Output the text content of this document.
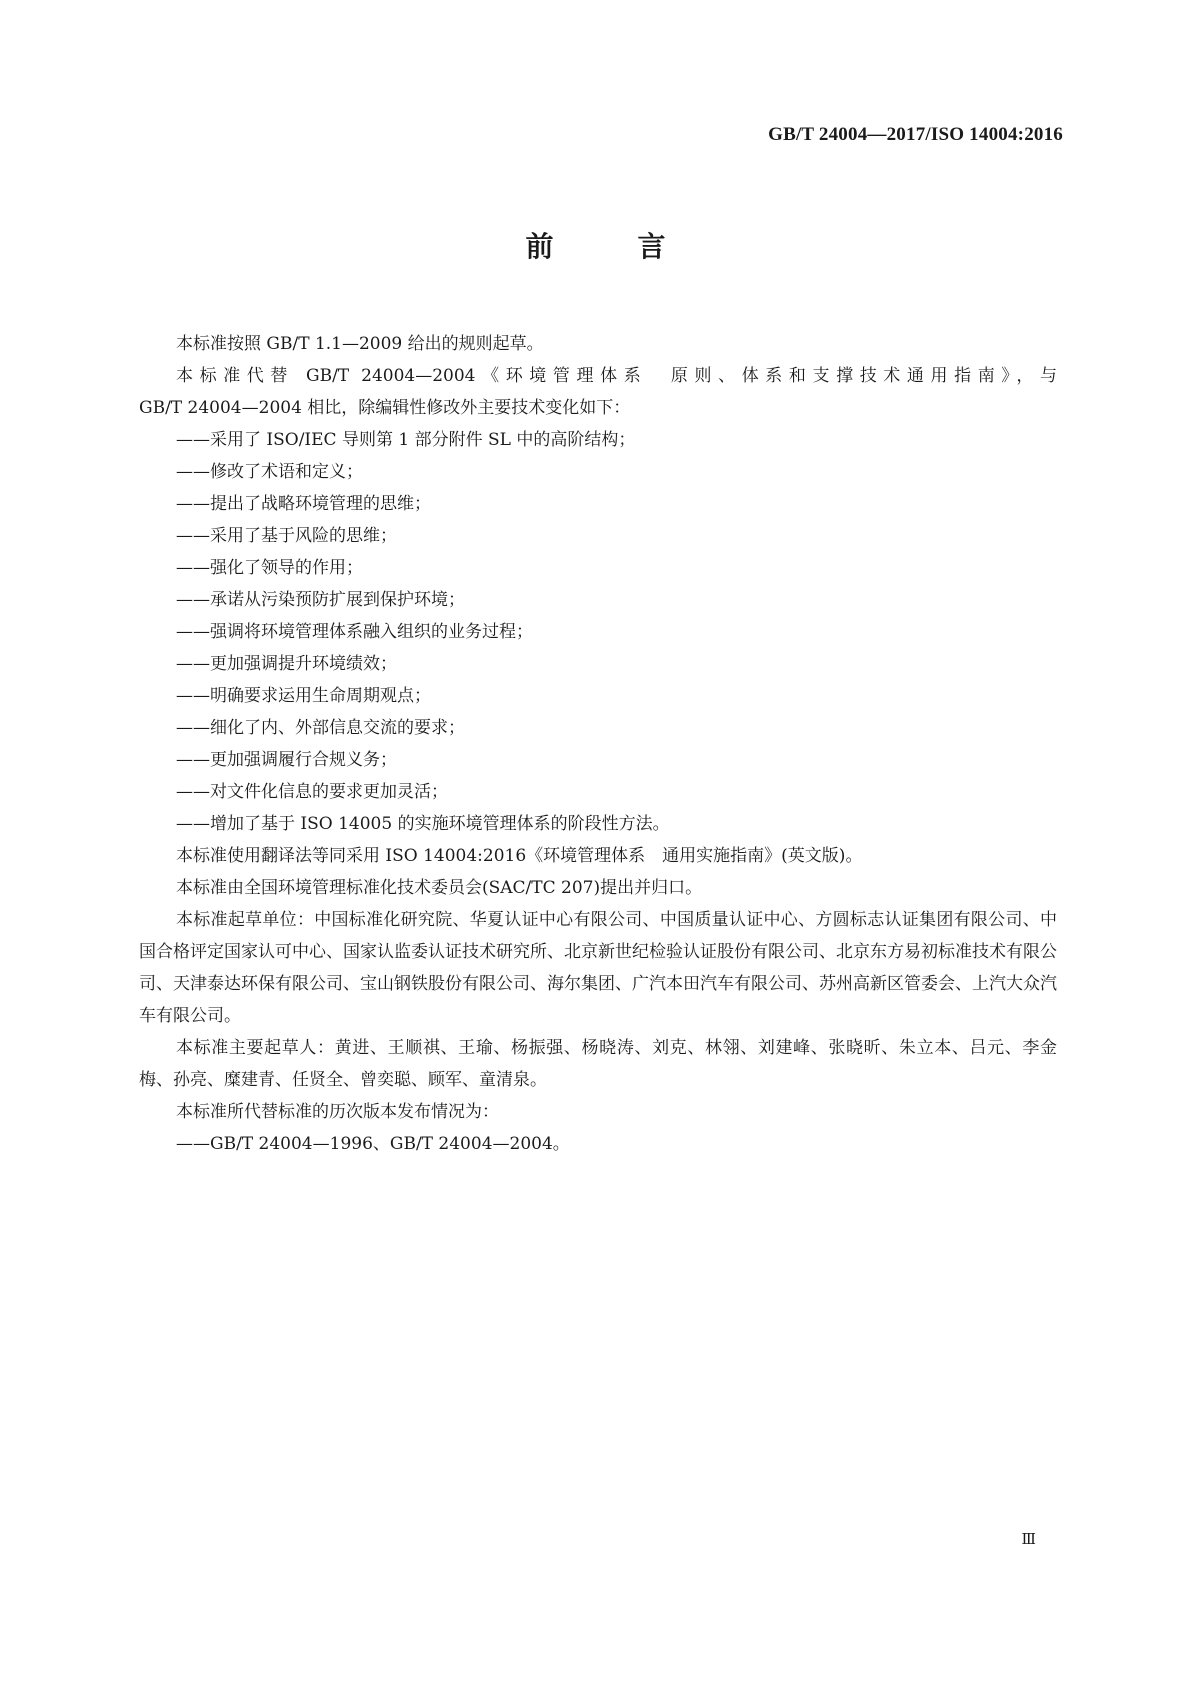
GB/T 24004—2017/ISO 14004:2016
前　言

本标准按照 GB/T 1.1—2009 给出的规则起草。

本标准代替 GB/T 24004—2004《环境管理体系　原则、体系和支撑技术通用指南》，与

GB/T 24004—2004 相比，除编辑性修改外主要技术变化如下：

——采用了 ISO/IEC 导则第 1 部分附件 SL 中的高阶结构；

——修改了术语和定义；

——提出了战略环境管理的思维；

——采用了基于风险的思维；

——强化了领导的作用；

——承诺从污染预防扩展到保护环境；

——强调将环境管理体系融入组织的业务过程；

——更加强调提升环境绩效；

——明确要求运用生命周期观点；

——细化了内、外部信息交流的要求；

——更加强调履行合规义务；

——对文件化信息的要求更加灵活；

——增加了基于 ISO 14005 的实施环境管理体系的阶段性方法。

本标准使用翻译法等同采用 ISO 14004:2016《环境管理体系　通用实施指南》(英文版)。

本标准由全国环境管理标准化技术委员会(SAC/TC 207)提出并归口。

本标准起草单位：中国标准化研究院、华夏认证中心有限公司、中国质量认证中心、方圆标志认证集团有限公司、中国合格评定国家认可中心、国家认监委认证技术研究所、北京新世纪检验认证股份有限公司、北京东方易初标准技术有限公司、天津泰达环保有限公司、宝山钢铁股份有限公司、海尔集团、广汽本田汽车有限公司、苏州高新区管委会、上汽大众汽车有限公司。

本标准主要起草人：黄进、王顺祺、王瑜、杨振强、杨晓涛、刘克、林翎、刘建峰、张晓昕、朱立本、吕元、李金梅、孙亮、糜建青、任贤全、曾奕聪、顾军、童清泉。

本标准所代替标准的历次版本发布情况为：

——GB/T 24004—1996、GB/T 24004—2004。

Ⅲ
